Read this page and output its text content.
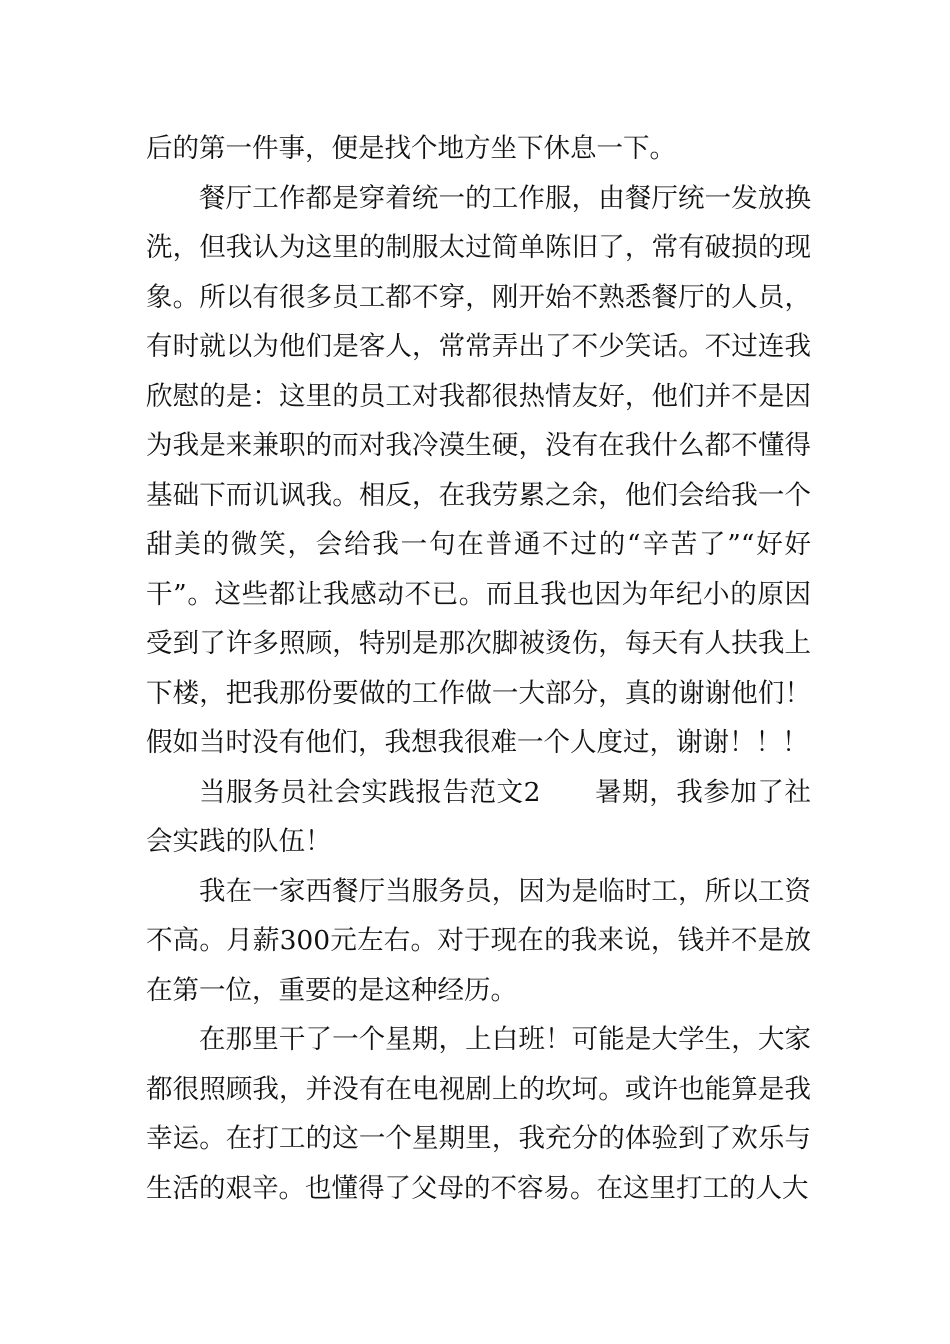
后的第一件事，便是找个地方坐下休息一下。

餐厅工作都是穿着统一的工作服，由餐厅统一发放换洗，但我认为这里的制服太过简单陈旧了，常有破损的现象。所以有很多员工都不穿，刚开始不熟悉餐厅的人员，有时就以为他们是客人，常常弄出了不少笑话。不过连我欣慰的是：这里的员工对我都很热情友好，他们并不是因为我是来兼职的而对我冷漠生硬，没有在我什么都不懂得基础下而讥讽我。相反，在我劳累之余，他们会给我一个甜美的微笑，会给我一句在普通不过的“辛苦了”“好好干”。这些都让我感动不已。而且我也因为年纪小的原因受到了许多照顾，特别是那次脚被烫伤，每天有人扶我上下楼，把我那份要做的工作做一大部分，真的谢谢他们！假如当时没有他们，我想我很难一个人度过，谢谢！！！

当服务员社会实践报告范文2　　暑期，我参加了社会实践的队伍！

我在一家西餐厅当服务员，因为是临时工，所以工资不高。月薪300元左右。对于现在的我来说，钱并不是放在第一位，重要的是这种经历。

在那里干了一个星期，上白班！可能是大学生，大家都很照顾我，并没有在电视剧上的坎坷。或许也能算是我幸运。在打工的这一个星期里，我充分的体验到了欢乐与生活的艰辛。也懂得了父母的不容易。在这里打工的人大
